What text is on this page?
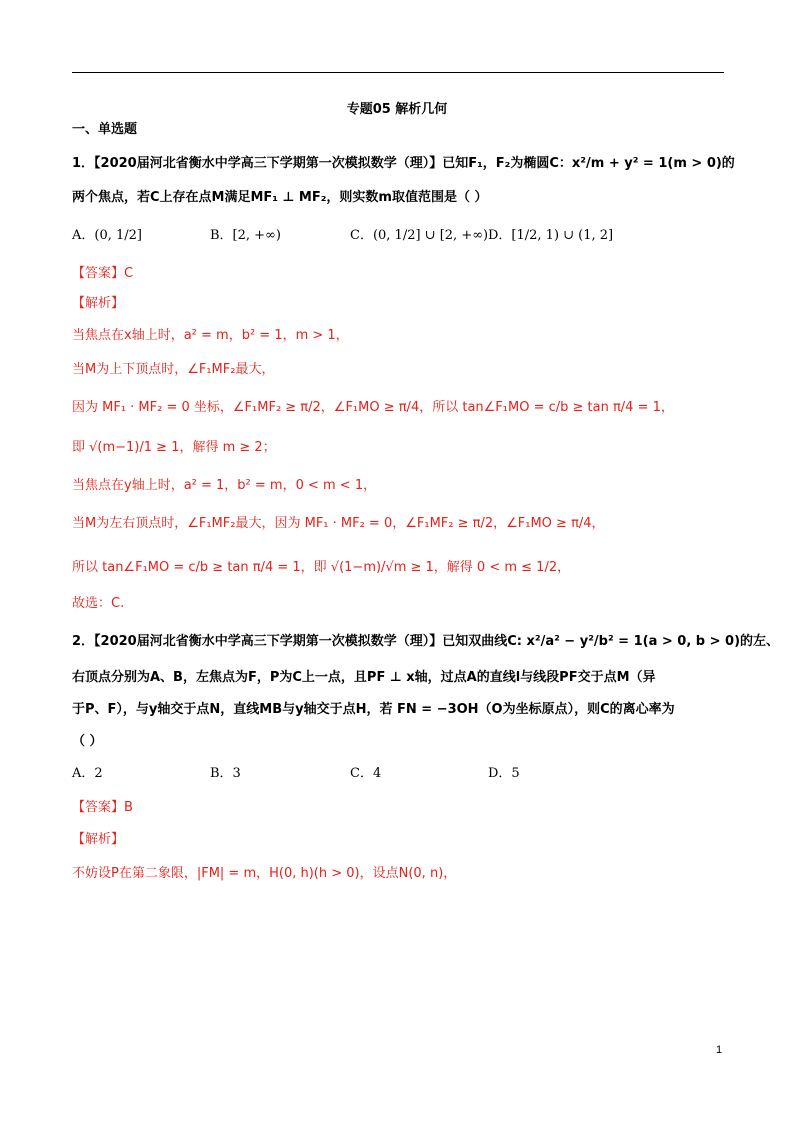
专题05 解析几何
一、单选题
1．【2020届河北省衡水中学高三下学期第一次模拟数学（理）】已知F₁，F₂为椭圆C：x²/m + y² = 1(m > 0)的
两个焦点，若C上存在点M满足MF₁ ⊥ MF₂，则实数m取值范围是（ ）
A．(0, 1/2]	B．[2, +∞)	C．(0, 1/2] ∪ [2, +∞) D．[1/2, 1) ∪ (1, 2]
【答案】C
【解析】
当焦点在x轴上时，a² = m，b² = 1，m > 1，
当M为上下顶点时，∠F₁MF₂最大，
因为 MF₁ · MF₂ = 0 坐标，∠F₁MF₂ ≥ π/2，∠F₁MO ≥ π/4，所以 tan∠F₁MO = c/b ≥ tan π/4 = 1，
即 √(m−1)/1 ≥ 1，解得 m ≥ 2；
当焦点在y轴上时，a² = 1，b² = m，0 < m < 1，
当M为左右顶点时，∠F₁MF₂最大，因为 MF₁ · MF₂ = 0，∠F₁MF₂ ≥ π/2，∠F₁MO ≥ π/4，
所以 tan∠F₁MO = c/b ≥ tan π/4 = 1，即 √(1−m)/√m ≥ 1，解得 0 < m ≤ 1/2，
故选：C.
2．【2020届河北省衡水中学高三下学期第一次模拟数学（理）】已知双曲线C: x²/a² − y²/b² = 1(a > 0, b > 0)的左、
右顶点分别为A、B，左焦点为F，P为C上一点，且PF ⊥ x轴，过点A的直线l与线段PF交于点M（异
于P、F），与y轴交于点N，直线MB与y轴交于点H，若 FN = −3OH（O为坐标原点），则C的离心率为
（ ）
A．2	B．3	C．4	D．5
【答案】B
【解析】
不妨设P在第二象限，|FM| = m，H(0, h)(h > 0)，设点N(0, n)，
1
